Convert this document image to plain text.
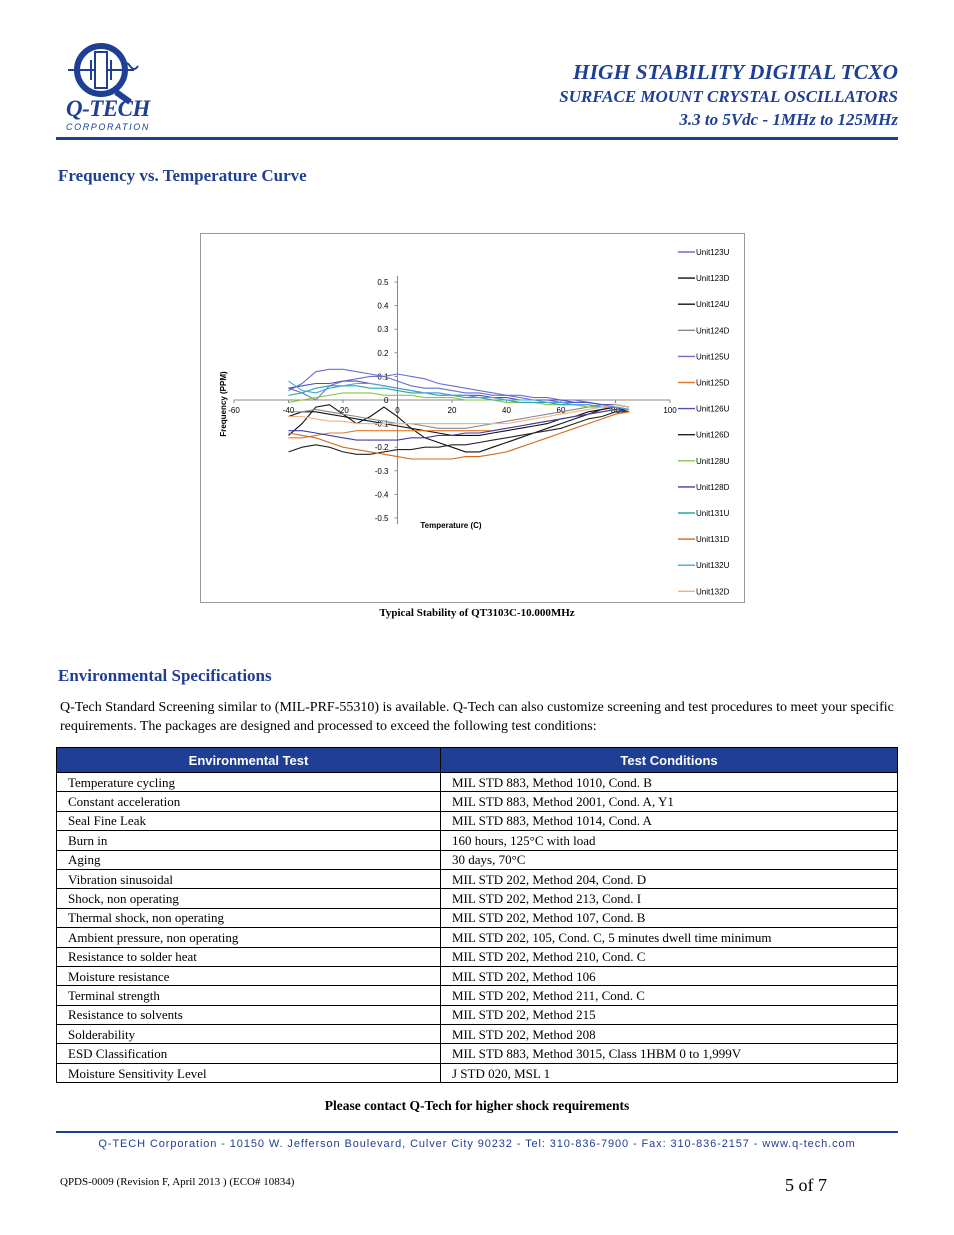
Q-TECH
CORPORATION
HIGH STABILITY DIGITAL TCXO
SURFACE MOUNT CRYSTAL OSCILLATORS
3.3 to 5Vdc - 1MHz to 125MHz
Frequency vs. Temperature Curve
0.5
0.4
0.3
0.2
0.1
0
-0.1
-0.2
-0.3
-0.4
-0.5
-60	-40	-20	0	20	40	60	80	100
Temperature (C)
Frequency (PPM)
Unit123U
Unit123D
Unit124U
Unit124D
Unit125U
Unit125D
Unit126U
Unit126D
Unit128U
Unit128D
Unit131U
Unit131D
Unit132U
Unit132D
Typical Stability of QT3103C-10.000MHz
Environmental Specifications
Q-Tech Standard Screening similar to (MIL-PRF-55310) is available. Q-Tech can also customize screening and test procedures to meet your specific requirements. The packages are designed and processed to exceed the following test conditions:
Environmental Test	Test Conditions
Temperature cycling	MIL STD 883, Method 1010, Cond. B
Constant acceleration	MIL STD 883, Method 2001, Cond. A, Y1
Seal Fine Leak	MIL STD 883, Method 1014, Cond. A
Burn in	160 hours, 125°C with load
Aging	30 days, 70°C
Vibration sinusoidal	MIL STD 202, Method 204, Cond. D
Shock, non operating	MIL STD 202, Method 213, Cond. I
Thermal shock, non operating	MIL STD 202, Method 107, Cond. B
Ambient pressure, non operating	MIL STD 202, 105, Cond. C, 5 minutes dwell time minimum
Resistance to solder heat	MIL STD 202, Method 210, Cond. C
Moisture resistance	MIL STD 202, Method 106
Terminal strength	MIL STD 202, Method 211, Cond. C
Resistance to solvents	MIL STD 202, Method 215
Solderability	MIL STD 202, Method 208
ESD Classification	MIL STD 883, Method 3015, Class 1HBM 0 to 1,999V
Moisture Sensitivity Level	J STD 020, MSL 1
Please contact Q-Tech for higher shock requirements
Q-TECH Corporation - 10150 W. Jefferson Boulevard, Culver City 90232 - Tel: 310-836-7900 - Fax: 310-836-2157 - www.q-tech.com
QPDS-0009 (Revision F, April 2013 ) (ECO# 10834)	5 of 7
